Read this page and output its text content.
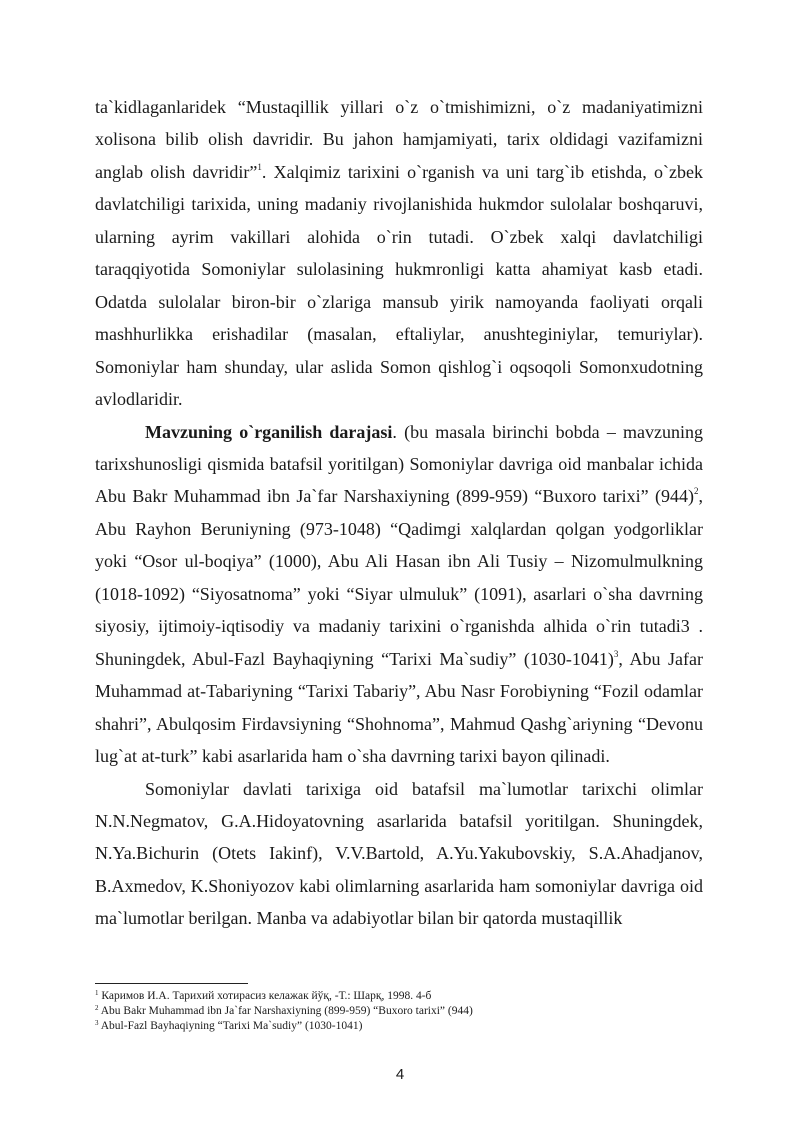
ta`kidlaganlaridek “Mustaqillik yillari o`z o`tmishimizni, o`z madaniyatimizni xolisona bilib olish davridir. Bu jahon hamjamiyati, tarix oldidagi vazifamizni anglab olish davridir”$^1$. Xalqimiz tarixini o`rganish va uni targ`ib etishda, o`zbek davlatchiligi tarixida, uning madaniy rivojlanishida hukmdor sulolalar boshqaruvi, ularning ayrim vakillari alohida o`rin tutadi. O`zbek xalqi davlatchiligi taraqqiyotida Somoniylar sulolasining hukmronligi katta ahamiyat kasb etadi. Odatda sulolalar biron-bir o`zlariga mansub yirik namoyanda faoliyati orqali mashhurlikka erishadilar (masalan, eftaliylar, anushteginiylar, temuriylar). Somoniylar ham shunday, ular aslida Somon qishlog`i oqsoqoli Somonxudotning avlodlaridir.

Mavzuning o`rganilish darajasi. (bu masala birinchi bobda – mavzuning tarixshunosligi qismida batafsil yoritilgan) Somoniylar davriga oid manbalar ichida Abu Bakr Muhammad ibn Ja`far Narshaxiyning (899-959) “Buxoro tarixi” $(944)^2$, Abu Rayhon Beruniyning (973-1048) “Qadimgi xalqlardan qolgan yodgorliklar yoki “Osor ul-boqiya” (1000), Abu Ali Hasan ibn Ali Tusiy – Nizomulmulkning (1018-1092) “Siyosatnoma” yoki “Siyar ulmuluk” (1091), asarlari o`sha davrning siyosiy, ijtimoiy-iqtisodiy va madaniy tarixini o`rganishda alhida o`rin tutadi3 . Shuningdek, Abul-Fazl Bayhaqiyning “Tarixi Ma`sudiy” (1030-1041)$^3$, Abu Jafar Muhammad at-Tabariyning “Tarixi Tabariy”, Abu Nasr Forobiyning “Fozil odamlar shahri”, Abulqosim Firdavsiyning “Shohnoma”, Mahmud Qashg`ariyning “Devonu lug`at at-turk” kabi asarlarida ham o`sha davrning tarixi bayon qilinadi.

Somoniylar davlati tarixiga oid batafsil ma`lumotlar tarixchi olimlar N.N.Negmatov, G.A.Hidoyatovning asarlarida batafsil yoritilgan. Shuningdek, N.Ya.Bichurin (Otets Iakinf), V.V.Bartold, A.Yu.Yakubovskiy, S.A.Ahadjanov, B.Axmedov, K.Shoniyozov kabi olimlarning asarlarida ham somoniylar davriga oid ma`lumotlar berilgan. Manba va adabiyotlar bilan bir qatorda mustaqillik

$^1$ Каримов И.А. Тарихий хотирасиз келажак йўқ, -Т.: Шарқ, 1998. 4-б
$^2$ Abu Bakr Muhammad ibn Ja`far Narshaxiyning (899-959) “Buxoro tarixi” (944)
$^3$ Abul-Fazl Bayhaqiyning “Tarixi Ma`sudiy” (1030-1041)
4
